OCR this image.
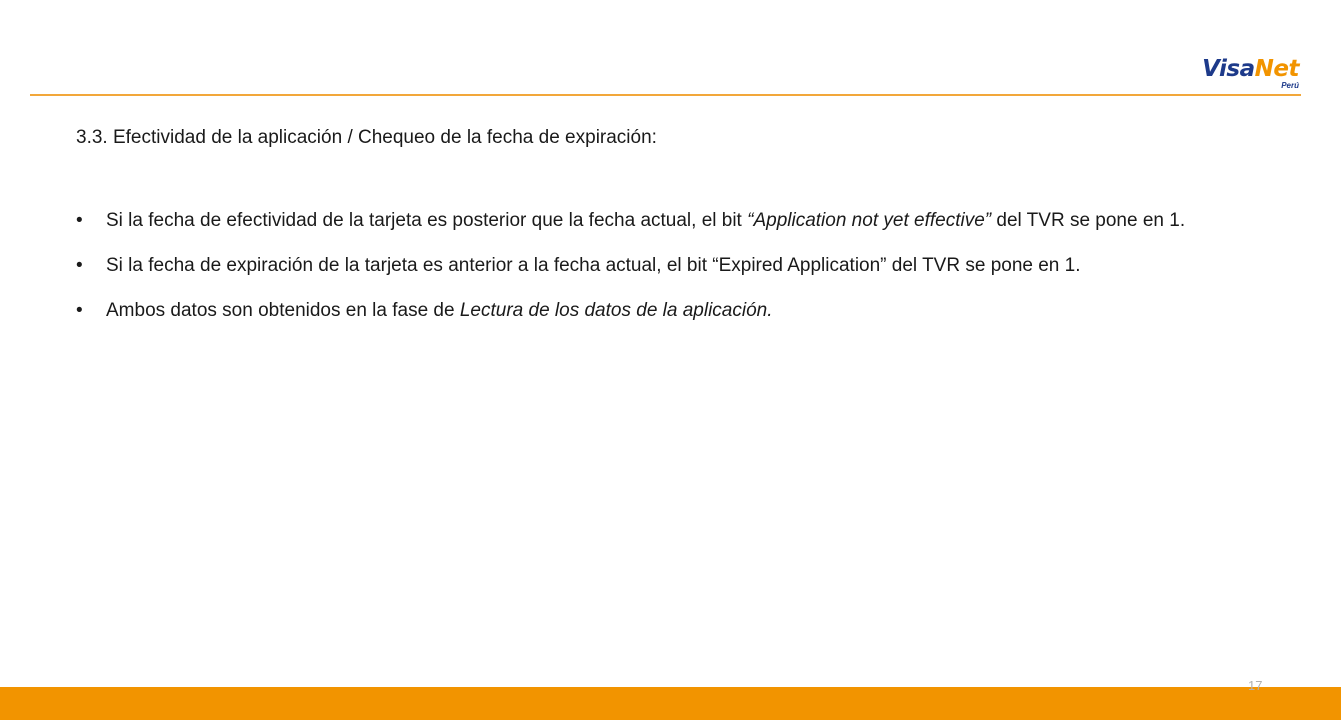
VisaNet
Perú
3.3. Efectividad de la aplicación / Chequeo de la fecha de expiración:
• Si la fecha de efectividad de la tarjeta es posterior que la fecha actual, el bit “Application not yet effective” del TVR se pone en 1.
• Si la fecha de expiración de la tarjeta es anterior a la fecha actual, el bit “Expired Application” del TVR se pone en 1.
• Ambos datos son obtenidos en la fase de Lectura de los datos de la aplicación.
17
